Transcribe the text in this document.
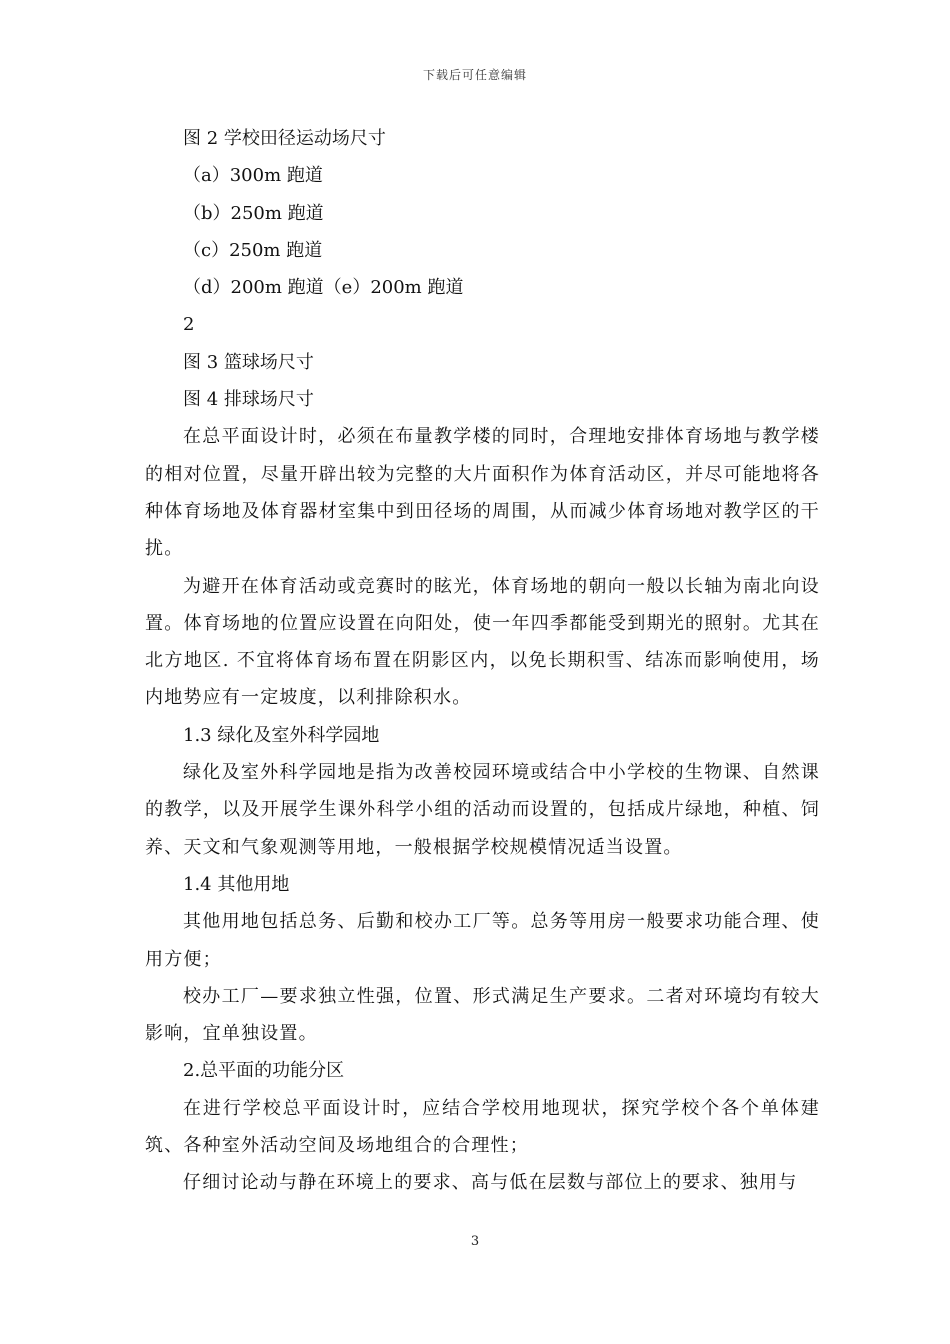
下载后可任意编辑

图 2 学校田径运动场尺寸

（a）300m 跑道

（b）250m 跑道

（c）250m 跑道

（d）200m 跑道（e）200m 跑道

2

图 3 篮球场尺寸

图 4 排球场尺寸

在总平面设计时，必须在布量教学楼的同时，合理地安排体育场地与教学楼的相对位置，尽量开辟出较为完整的大片面积作为体育活动区，并尽可能地将各种体育场地及体育器材室集中到田径场的周围，从而减少体育场地对教学区的干扰。

为避开在体育活动或竞赛时的眩光，体育场地的朝向一般以长轴为南北向设置。体育场地的位置应设置在向阳处，使一年四季都能受到期光的照射。尤其在北方地区. 不宜将体育场布置在阴影区内，以免长期积雪、结冻而影响使用，场内地势应有一定坡度，以利排除积水。

1.3 绿化及室外科学园地

绿化及室外科学园地是指为改善校园环境或结合中小学校的生物课、自然课的教学，以及开展学生课外科学小组的活动而设置的，包括成片绿地，种植、饲养、天文和气象观测等用地，一般根据学校规模情况适当设置。

1.4 其他用地

其他用地包括总务、后勤和校办工厂等。总务等用房一般要求功能合理、使用方便；

校办工厂—要求独立性强，位置、形式满足生产要求。二者对环境均有较大影响，宜单独设置。

2.总平面的功能分区

在进行学校总平面设计时，应结合学校用地现状，探究学校个各个单体建筑、各种室外活动空间及场地组合的合理性；

仔细讨论动与静在环境上的要求、高与低在层数与部位上的要求、独用与

3
